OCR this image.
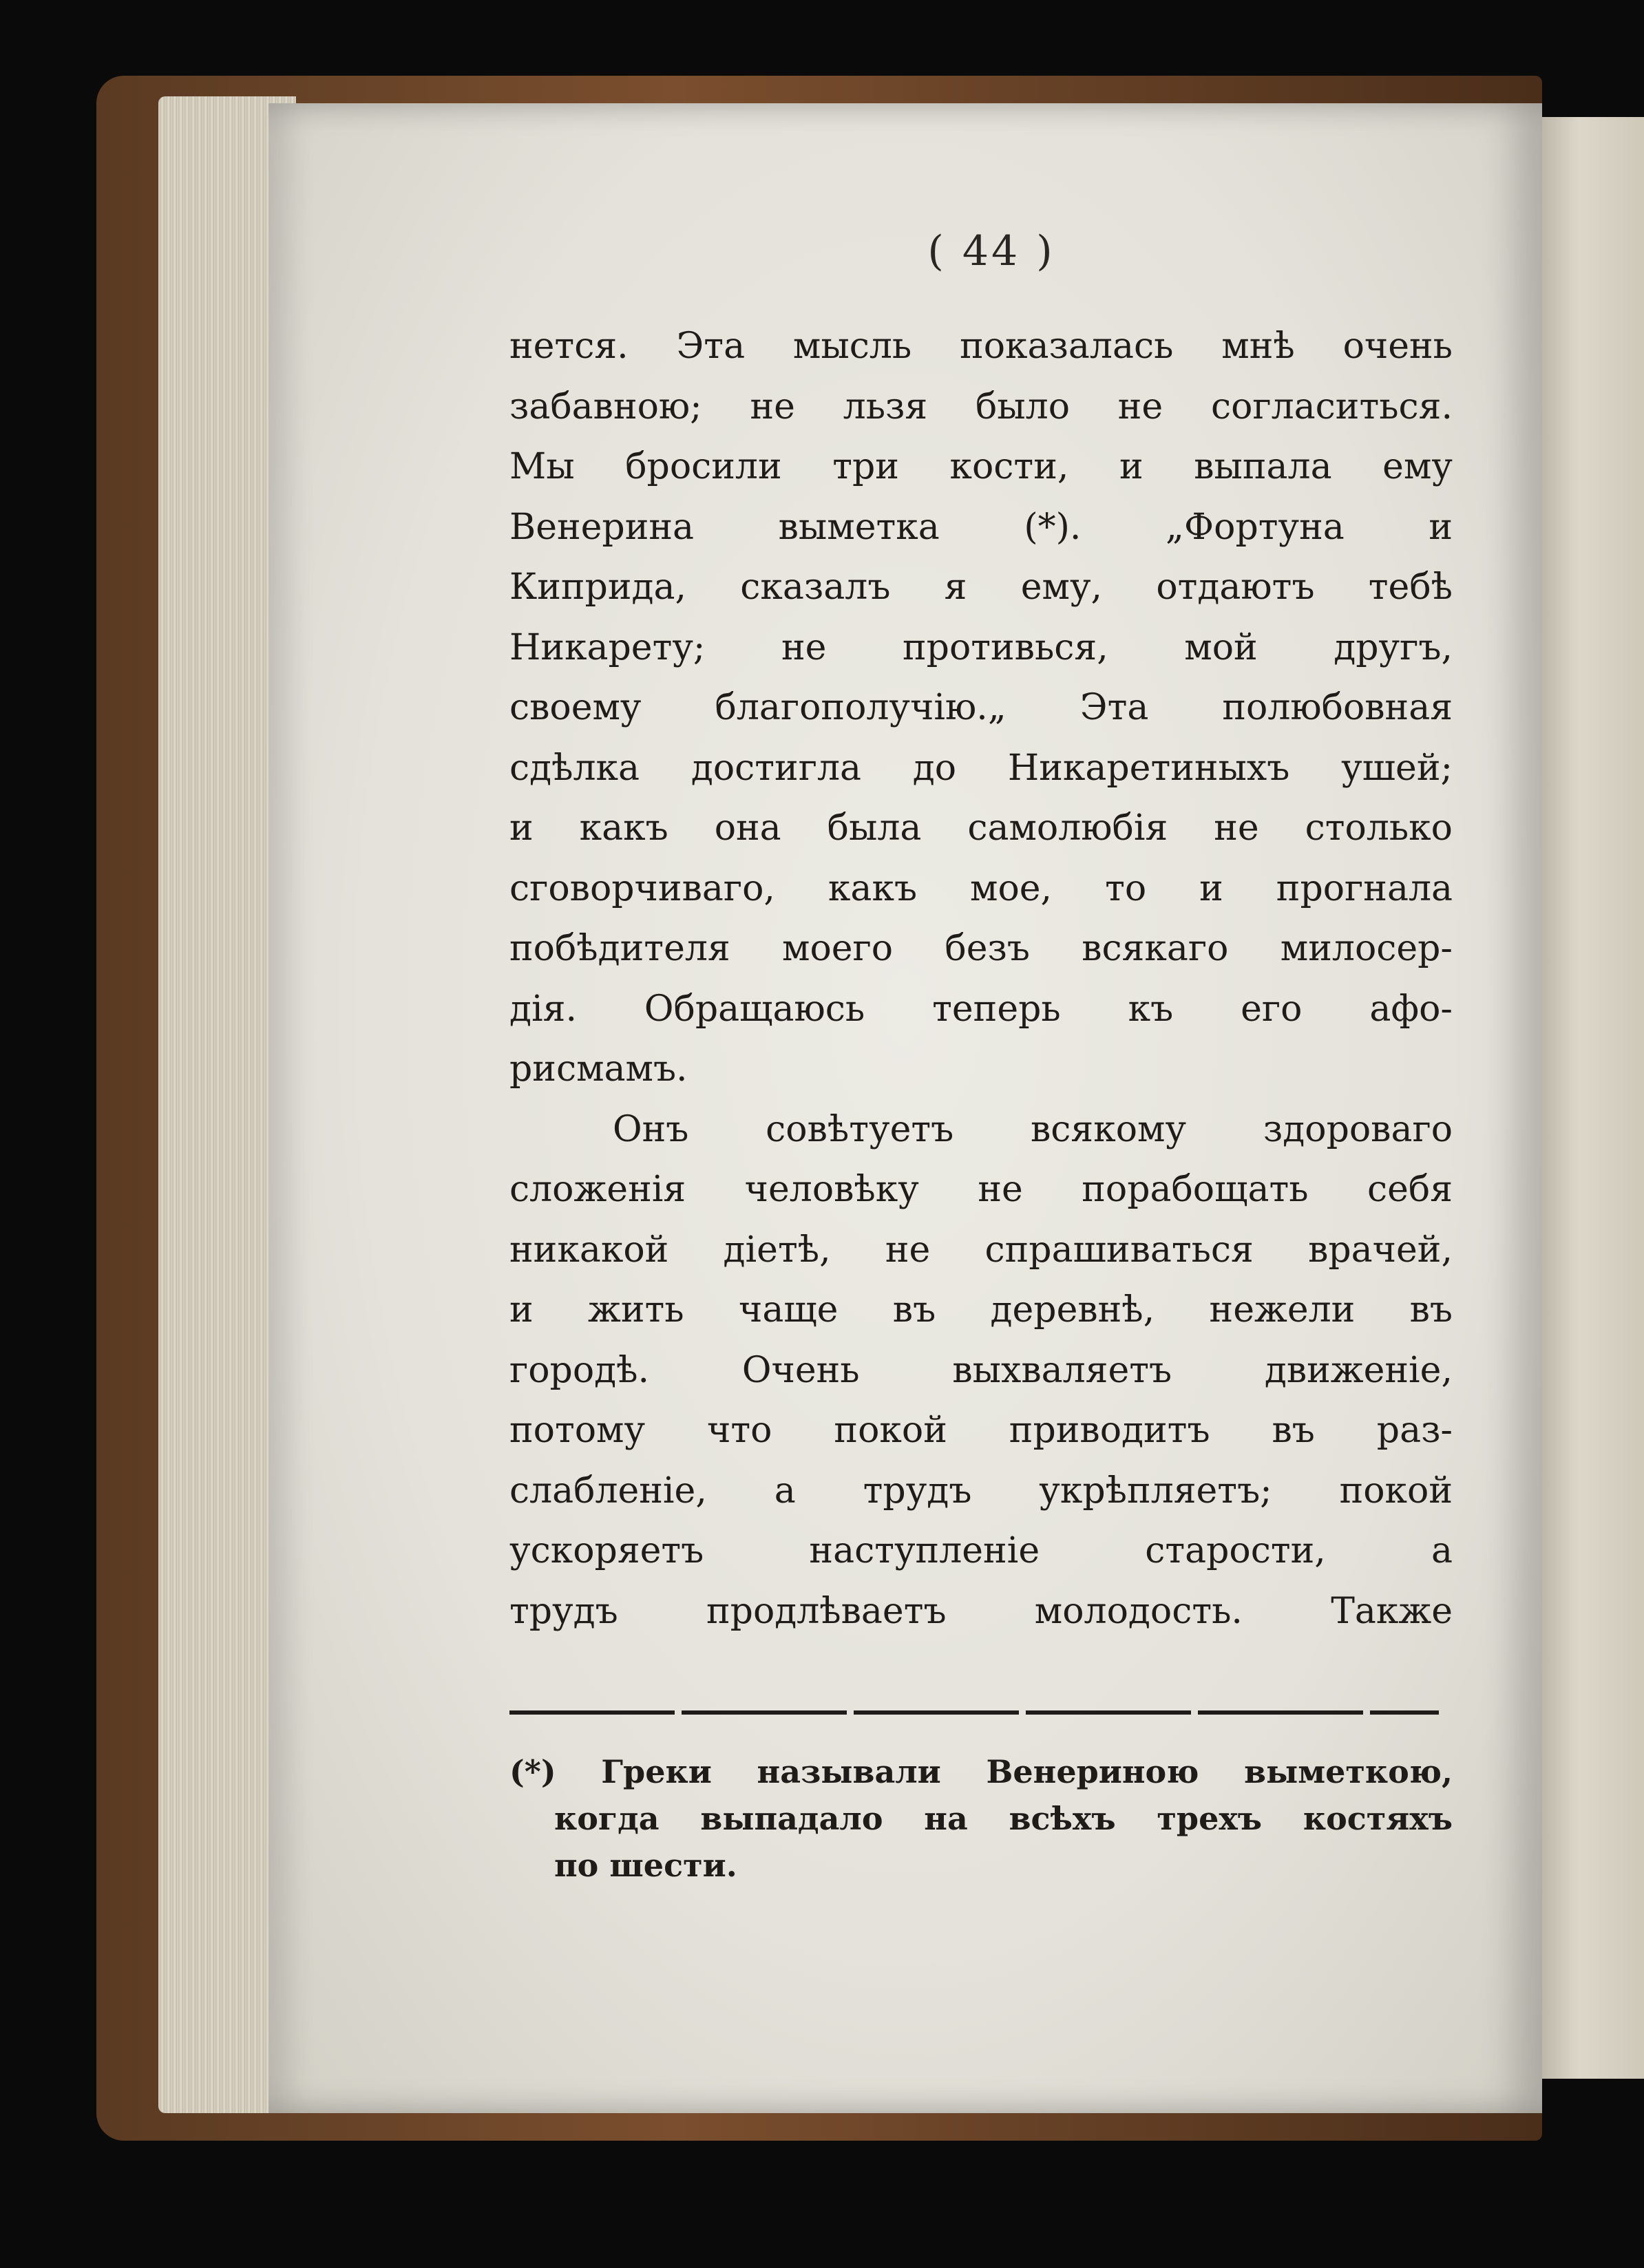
( 44 )
нется. Эта мысль показалась мнѣ очень
забавною; не льзя было не согласиться.
Мы бросили три кости, и выпала ему
Венерина выметка (*). „Фортуна и
Киприда, сказалъ я ему, отдаютъ тебѣ
Никарету; не противься, мой другъ,
своему благополучію.„ Эта полюбовная
сдѣлка достигла до Никаретиныхъ ушей;
и какъ она была самолюбія не столько
сговорчиваго, какъ мое, то и прогнала
побѣдителя моего безъ всякаго милосер-
дія. Обращаюсь теперь къ его афо-
рисмамъ.
Онъ совѣтуетъ всякому здороваго
сложенія человѣку не порабощать себя
никакой діетѣ, не спрашиваться врачей,
и жить чаще въ деревнѣ, нежели въ
городѣ. Очень выхваляетъ движеніе,
потому что покой приводитъ въ раз-
слабленіе, а трудъ укрѣпляетъ; покой
ускоряетъ наступленіе старости, а
трудъ продлѣваетъ молодость. Также
(*) Греки называли Венериною выметкою,
когда выпадало на всѣхъ трехъ костяхъ
по шести.
